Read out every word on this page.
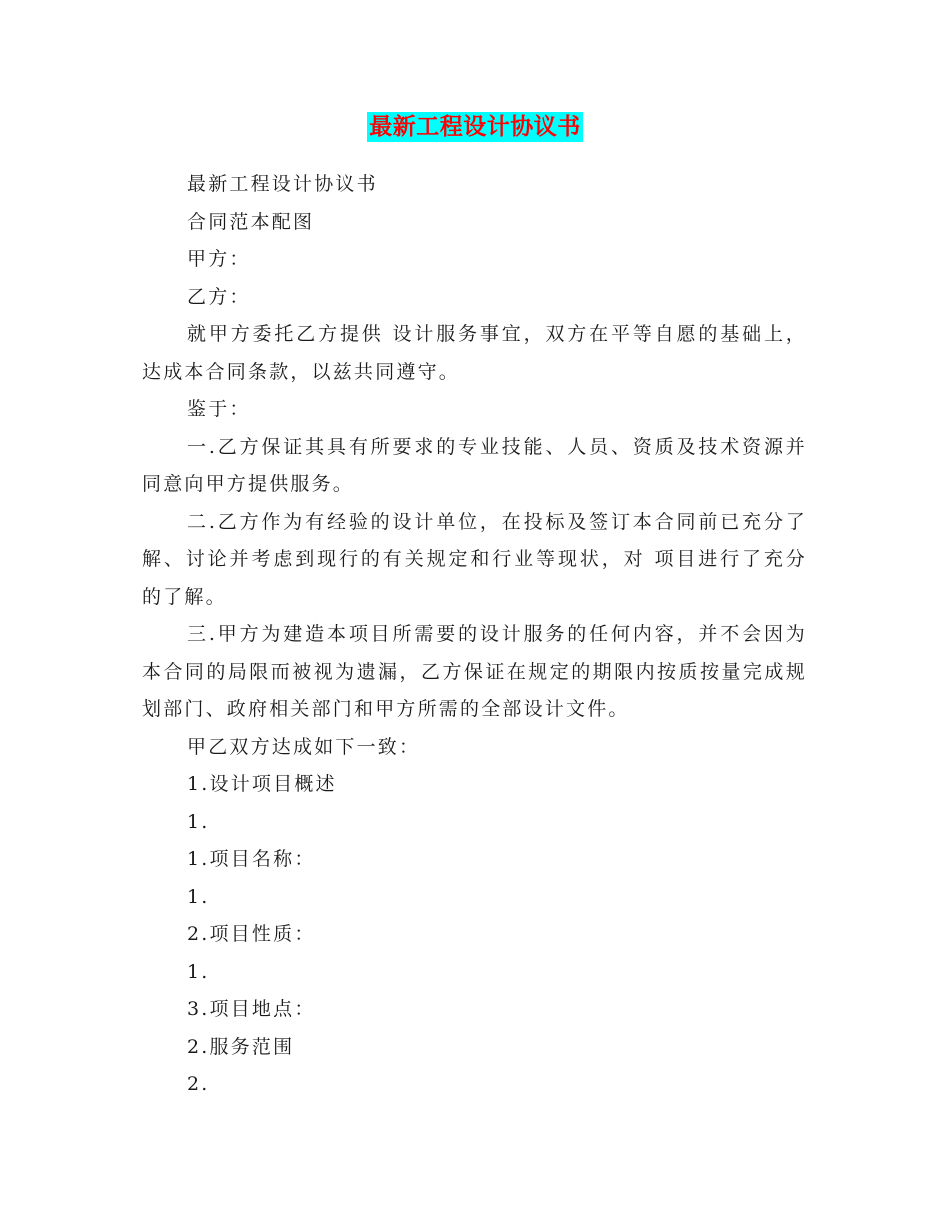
最新工程设计协议书

最新工程设计协议书

合同范本配图

甲方：

乙方：

就甲方委托乙方提供 设计服务事宜，双方在平等自愿的基础上，达成本合同条款，以兹共同遵守。

鉴于：

一.乙方保证其具有所要求的专业技能、人员、资质及技术资源并同意向甲方提供服务。

二.乙方作为有经验的设计单位，在投标及签订本合同前已充分了解、讨论并考虑到现行的有关规定和行业等现状，对 项目进行了充分的了解。

三.甲方为建造本项目所需要的设计服务的任何内容，并不会因为本合同的局限而被视为遗漏，乙方保证在规定的期限内按质按量完成规划部门、政府相关部门和甲方所需的全部设计文件。

甲乙双方达成如下一致：

1.设计项目概述

1.

1.项目名称：

1.

2.项目性质：

1.

3.项目地点：

2.服务范围

2.
